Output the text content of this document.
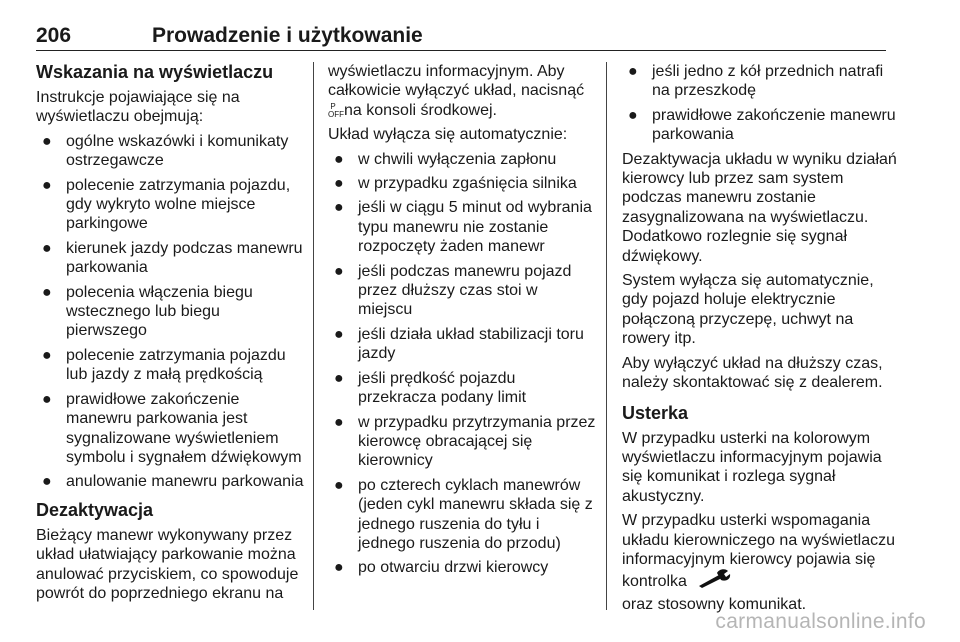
206	Prowadzenie i użytkowanie
Wskazania na wyświetlaczu

Instrukcje pojawiające się na wyświetlaczu obejmują:

● ogólne wskazówki i komunikaty ostrzegawcze
● polecenie zatrzymania pojazdu, gdy wykryto wolne miejsce parkingowe
● kierunek jazdy podczas manewru parkowania
● polecenia włączenia biegu wstecznego lub biegu pierwszego
● polecenie zatrzymania pojazdu lub jazdy z małą prędkością
● prawidłowe zakończenie manewru parkowania jest sygnalizowane wyświetleniem symbolu i sygnałem dźwiękowym
● anulowanie manewru parkowania
Dezaktywacja

Bieżący manewr wykonywany przez układ ułatwiający parkowanie można anulować przyciskiem, co spowoduje powrót do poprzedniego ekranu na

wyświetlaczu informacyjnym. Aby całkowicie wyłączyć układ, nacisnąć
P
OFFna konsoli środkowej.

Układ wyłącza się automatycznie:

● w chwili wyłączenia zapłonu
● w przypadku zgaśnięcia silnika
● jeśli w ciągu 5 minut od wybrania typu manewru nie zostanie rozpoczęty żaden manewr
● jeśli podczas manewru pojazd przez dłuższy czas stoi w miejscu
● jeśli działa układ stabilizacji toru jazdy
● jeśli prędkość pojazdu przekracza podany limit
● w przypadku przytrzymania przez kierowcę obracającej się kierownicy
● po czterech cyklach manewrów (jeden cykl manewru składa się z jednego ruszenia do tyłu i jednego ruszenia do przodu)
● po otwarciu drzwi kierowcy
● jeśli jedno z kół przednich natrafi na przeszkodę
● prawidłowe zakończenie manewru parkowania

Dezaktywacja układu w wyniku działań kierowcy lub przez sam system podczas manewru zostanie zasygnalizowana na wyświetlaczu. Dodatkowo rozlegnie się sygnał dźwiękowy.

System wyłącza się automatycznie, gdy pojazd holuje elektrycznie połączoną przyczepę, uchwyt na rowery itp.

Aby wyłączyć układ na dłuższy czas, należy skontaktować się z dealerem.

Usterka

W przypadku usterki na kolorowym wyświetlaczu informacyjnym pojawia się komunikat i rozlega sygnał akustyczny.

W przypadku usterki wspomagania układu kierowniczego na wyświetlaczu informacyjnym kierowcy pojawia się kontrolka
oraz stosowny komunikat.

carmanualsonline.info
